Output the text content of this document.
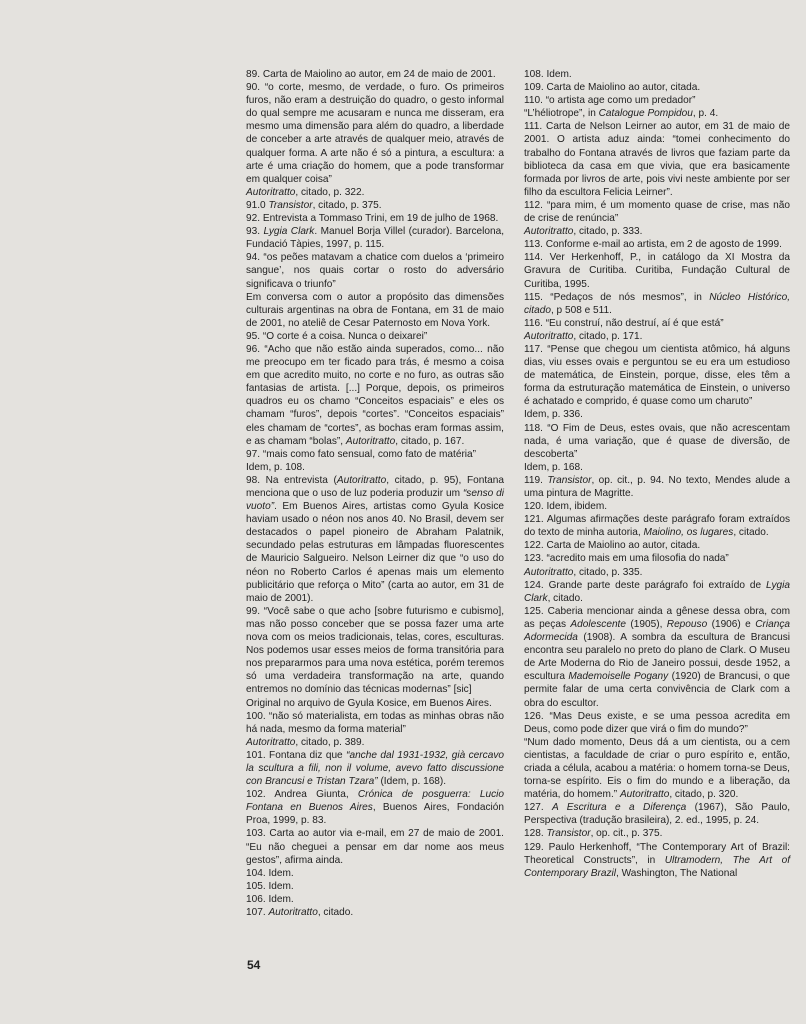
89. Carta de Maiolino ao autor, em 24 de maio de 2001.

90. “o corte, mesmo, de verdade, o furo. Os primeiros furos, não eram a destruição do quadro, o gesto informal do qual sempre me acusaram e nunca me disseram, era mesmo uma dimensão para além do quadro, a liberdade de conceber a arte através de qualquer meio, através de qualquer forma. A arte não é só a pintura, a escultura: a arte é uma criação do homem, que a pode transformar em qualquer coisa”

Autoritratto, citado, p. 322.

91.0 Transistor, citado, p. 375.

92. Entrevista a Tommaso Trini, em 19 de julho de 1968.

93. Lygia Clark. Manuel Borja Villel (curador). Barcelona, Fundació Tàpies, 1997, p. 115.

94. “os peões matavam a chatice com duelos a ‘primeiro sangue’, nos quais cortar o rosto do adversário significava o triunfo”

Em conversa com o autor a propósito das dimensões culturais argentinas na obra de Fontana, em 31 de maio de 2001, no ateliê de Cesar Paternosto em Nova York.

95. “O corte é a coisa. Nunca o deixarei”

96. “Acho que não estão ainda superados, como... não me preocupo em ter ficado para trás, é mesmo a coisa em que acredito muito, no corte e no furo, as outras são fantasias de artista. [...] Porque, depois, os primeiros quadros eu os chamo “Conceitos espaciais” e eles os chamam “furos”, depois “cortes”. “Conceitos espaciais” eles chamam de “cortes”, as bochas eram formas assim, e as chamam “bolas”, Autoritratto, citado, p. 167.

97. “mais como fato sensual, como fato de matéria”

Idem, p. 108.

98. Na entrevista (Autoritratto, citado, p. 95), Fontana menciona que o uso de luz poderia produzir um “senso di vuoto”. Em Buenos Aires, artistas como Gyula Kosice haviam usado o néon nos anos 40. No Brasil, devem ser destacados o papel pioneiro de Abraham Palatnik, secundado pelas estruturas em lâmpadas fluorescentes de Mauricio Salgueiro. Nelson Leirner diz que “o uso do néon no Roberto Carlos é apenas mais um elemento publicitário que reforça o Mito” (carta ao autor, em 31 de maio de 2001).

99. “Você sabe o que acho [sobre futurismo e cubismo], mas não posso conceber que se possa fazer uma arte nova com os meios tradicionais, telas, cores, esculturas. Nos podemos usar esses meios de forma transitória para nos prepararmos para uma nova estética, porém teremos só uma verdadeira transformação na arte, quando entremos no domínio das técnicas modernas” [sic]

Original no arquivo de Gyula Kosice, em Buenos Aires.

100. “não só materialista, em todas as minhas obras não há nada, mesmo da forma material”

Autoritratto, citado, p. 389.

101. Fontana diz que “anche dal 1931-1932, già cercavo la scultura a fili, non il volume, avevo fatto discussione con Brancusi e Tristan Tzara” (Idem, p. 168).

102. Andrea Giunta, Crónica de posguerra: Lucio Fontana en Buenos Aires, Buenos Aires, Fondación Proa, 1999, p. 83.

103. Carta ao autor via e-mail, em 27 de maio de 2001. “Eu não cheguei a pensar em dar nome aos meus gestos”, afirma ainda.

104. Idem.

105. Idem.

106. Idem.

107. Autoritratto, citado.

108. Idem.

109. Carta de Maiolino ao autor, citada.

110. “o artista age como um predador”

“L’héliotrope”, in Catalogue Pompidou, p. 4.

111. Carta de Nelson Leirner ao autor, em 31 de maio de 2001. O artista aduz ainda: “tomei conhecimento do trabalho do Fontana através de livros que faziam parte da biblioteca da casa em que vivia, que era basicamente formada por livros de arte, pois vivi neste ambiente por ser filho da escultora Felicia Leirner”.

112. “para mim, é um momento quase de crise, mas não de crise de renúncia”

Autoritratto, citado, p. 333.

113. Conforme e-mail ao artista, em 2 de agosto de 1999.

114. Ver Herkenhoff, P., in catálogo da XI Mostra da Gravura de Curitiba. Curitiba, Fundação Cultural de Curitiba, 1995.

115. “Pedaços de nós mesmos”, in Núcleo Histórico, citado, p 508 e 511.

116. “Eu construí, não destruí, aí é que está”

Autoritratto, citado, p. 171.

117. “Pense que chegou um cientista atômico, há alguns dias, viu esses ovais e perguntou se eu era um estudioso de matemática, de Einstein, porque, disse, eles têm a forma da estruturação matemática de Einstein, o universo é achatado e comprido, é quase como um charuto”

Idem, p. 336.

118. “O Fim de Deus, estes ovais, que não acrescentam nada, é uma variação, que é quase de diversão, de descoberta”

Idem, p. 168.

119. Transistor, op. cit., p. 94. No texto, Mendes alude a uma pintura de Magritte.

120. Idem, ibidem.

121. Algumas afirmações deste parágrafo foram extraídos do texto de minha autoria, Maiolino, os lugares, citado.

122. Carta de Maiolino ao autor, citada.

123. “acredito mais em uma filosofia do nada”

Autoritratto, citado, p. 335.

124. Grande parte deste parágrafo foi extraído de Lygia Clark, citado.

125. Caberia mencionar ainda a gênese dessa obra, com as peças Adolescente (1905), Repouso (1906) e Criança Adormecida (1908). A sombra da escultura de Brancusi encontra seu paralelo no preto do plano de Clark. O Museu de Arte Moderna do Rio de Janeiro possui, desde 1952, a escultura Mademoiselle Pogany (1920) de Brancusi, o que permite falar de uma certa convivência de Clark com a obra do escultor.

126. “Mas Deus existe, e se uma pessoa acredita em Deus, como pode dizer que virá o fim do mundo?”

“Num dado momento, Deus dá a um cientista, ou a cem cientistas, a faculdade de criar o puro espírito e, então, criada a célula, acabou a matéria: o homem torna-se Deus, torna-se espírito. Eis o fim do mundo e a liberação, da matéria, do homem.” Autoritratto, citado, p. 320.

127. A Escritura e a Diferença (1967), São Paulo, Perspectiva (tradução brasileira), 2. ed., 1995, p. 24.

128. Transistor, op. cit., p. 375.

129. Paulo Herkenhoff, “The Contemporary Art of Brazil: Theoretical Constructs”, in Ultramodern, The Art of Contemporary Brazil, Washington, The National

54
